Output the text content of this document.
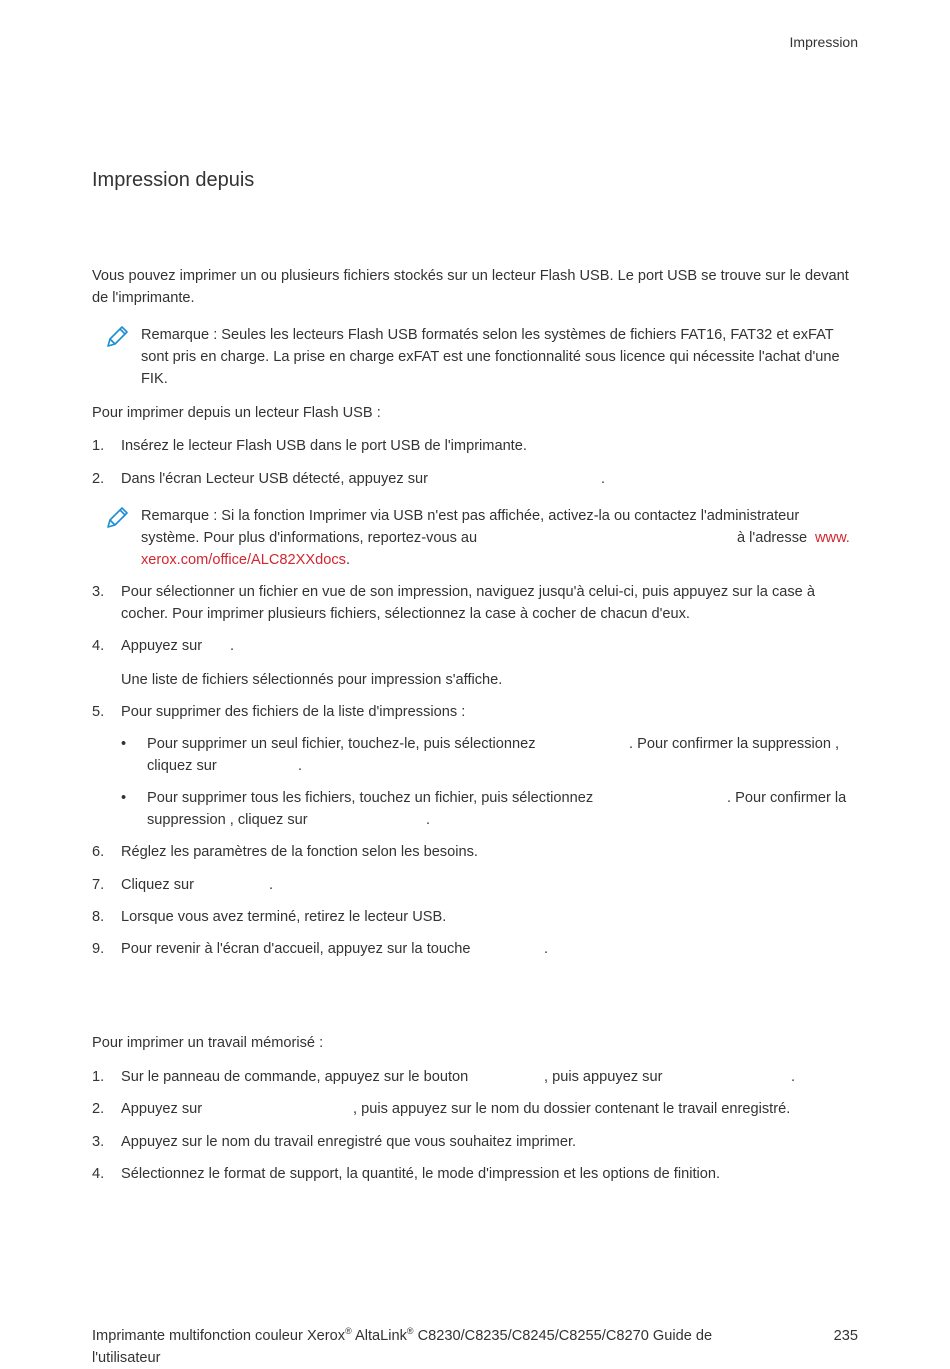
Impression
Impression depuis
Vous pouvez imprimer un ou plusieurs fichiers stockés sur un lecteur Flash USB. Le port USB se trouve sur le devant de l'imprimante.
Remarque : Seules les lecteurs Flash USB formatés selon les systèmes de fichiers FAT16, FAT32 et exFAT sont pris en charge. La prise en charge exFAT est une fonctionnalité sous licence qui nécessite l'achat d'une FIK.
Pour imprimer depuis un lecteur Flash USB :
1.	Insérez le lecteur Flash USB dans le port USB de l'imprimante.
2.	Dans l'écran Lecteur USB détecté, appuyez sur	.
Remarque : Si la fonction Imprimer via USB n'est pas affichée, activez-la ou contactez l'administrateur
système. Pour plus d'informations, reportez-vous au	à l'adresse www.
xerox.com/office/ALC82XXdocs.
3.	Pour sélectionner un fichier en vue de son impression, naviguez jusqu'à celui-ci, puis appuyez sur la case à cocher. Pour imprimer plusieurs fichiers, sélectionnez la case à cocher de chacun d'eux.
4.	Appuyez sur .
Une liste de fichiers sélectionnés pour impression s'affiche.
5.	Pour supprimer des fichiers de la liste d'impressions :
•
Pour supprimer un seul fichier, touchez-le, puis sélectionnez	. Pour confirmer la suppression ,
cliquez sur	.
•
Pour supprimer tous les fichiers, touchez un fichier, puis sélectionnez	. Pour confirmer la
suppression , cliquez sur	.
6.	Réglez les paramètres de la fonction selon les besoins.
7.	Cliquez sur	.
8.	Lorsque vous avez terminé, retirez le lecteur USB.
9.	Pour revenir à l'écran d'accueil, appuyez sur la touche	.
Pour imprimer un travail mémorisé :
1.	Sur le panneau de commande, appuyez sur le bouton	, puis appuyez sur	.
2.	Appuyez sur	, puis appuyez sur le nom du dossier contenant le travail enregistré.
3.	Appuyez sur le nom du travail enregistré que vous souhaitez imprimer.
4.	Sélectionnez le format de support, la quantité, le mode d'impression et les options de finition.
Imprimante multifonction couleur Xerox® AltaLink® C8230/C8235/C8245/C8255/C8270 Guide de
l'utilisateur
235
